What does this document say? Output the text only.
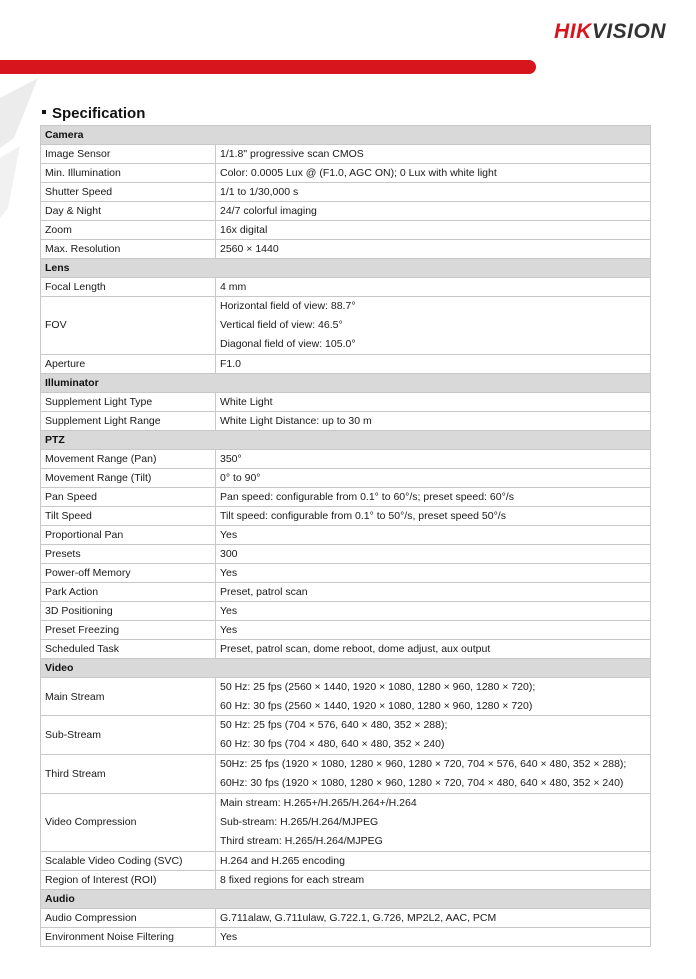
HIKVISION
Specification
Camera	
Image Sensor	1/1.8" progressive scan CMOS

Min. Illumination	Color: 0.0005 Lux @ (F1.0, AGC ON); 0 Lux with white light

Shutter Speed	1/1 to 1/30,000 s

Day & Night	24/7 colorful imaging

Zoom	16x digital

Max. Resolution	2560 × 1440

Lens	
Focal Length	4 mm

FOV	Horizontal field of view: 88.7°
Vertical field of view: 46.5°
Diagonal field of view: 105.0°

Aperture	F1.0

Illuminator	
Supplement Light Type	White Light

Supplement Light Range	White Light Distance: up to 30 m

PTZ	
Movement Range (Pan)	350°

Movement Range (Tilt)	0° to 90°

Pan Speed	Pan speed: configurable from 0.1° to 60°/s; preset speed: 60°/s

Tilt Speed	Tilt speed: configurable from 0.1° to 50°/s, preset speed 50°/s

Proportional Pan	Yes

Presets	300

Power-off Memory	Yes

Park Action	Preset, patrol scan

3D Positioning	Yes

Preset Freezing	Yes

Scheduled Task	Preset, patrol scan, dome reboot, dome adjust, aux output

Video	
Main Stream	50 Hz: 25 fps (2560 × 1440, 1920 × 1080, 1280 × 960, 1280 × 720);
60 Hz: 30 fps (2560 × 1440, 1920 × 1080, 1280 × 960, 1280 × 720)

Sub-Stream	50 Hz: 25 fps (704 × 576, 640 × 480, 352 × 288);
60 Hz: 30 fps (704 × 480, 640 × 480, 352 × 240)

Third Stream	50Hz: 25 fps (1920 × 1080, 1280 × 960, 1280 × 720, 704 × 576, 640 × 480, 352 × 288);
60Hz: 30 fps (1920 × 1080, 1280 × 960, 1280 × 720, 704 × 480, 640 × 480, 352 × 240)

Video Compression	Main stream: H.265+/H.265/H.264+/H.264
Sub-stream: H.265/H.264/MJPEG
Third stream: H.265/H.264/MJPEG

Scalable Video Coding (SVC)	H.264 and H.265 encoding

Region of Interest (ROI)	8 fixed regions for each stream

Audio	
Audio Compression	G.711alaw, G.711ulaw, G.722.1, G.726, MP2L2, AAC, PCM

Environment Noise Filtering	Yes
